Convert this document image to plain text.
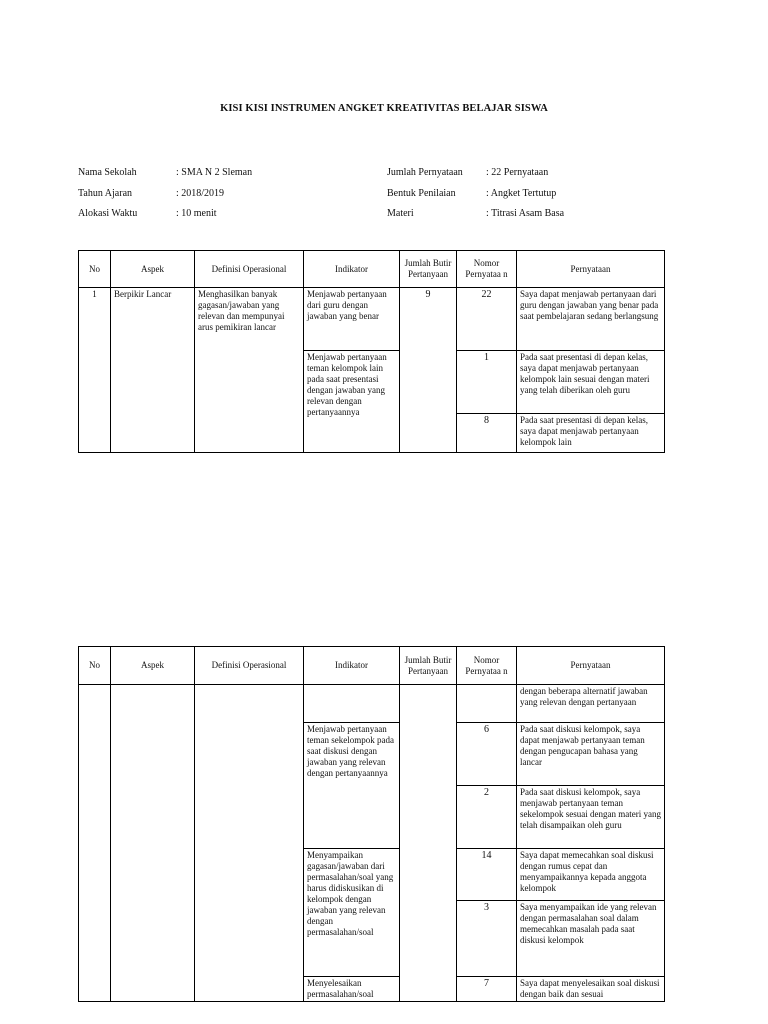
KISI KISI INSTRUMEN ANGKET KREATIVITAS BELAJAR SISWA
Nama Sekolah	: SMA N 2 Sleman
Tahun Ajaran	: 2018/2019
Alokasi Waktu	: 10 menit
Jumlah Pernyataan : 22 Pernyataan
Bentuk Penilaian	: Angket Tertutup
Materi	: Titrasi Asam Basa
No	Aspek	Definisi Operasional	Indikator	Jumlah Butir Pertanyaan	Nomor Pernyataa n	Pernyataan
1	Berpikir Lancar	Menghasilkan banyak gagasan/jawaban yang relevan dan mempunyai arus pemikiran lancar	Menjawab pertanyaan dari guru dengan jawaban yang benar	9	22	Saya dapat menjawab pertanyaan dari guru dengan jawaban yang benar pada saat pembelajaran sedang berlangsung
			Menjawab pertanyaan teman kelompok lain pada saat presentasi dengan jawaban yang relevan dengan pertanyaannya		1	Pada saat presentasi di depan kelas, saya dapat menjawab pertanyaan kelompok lain sesuai dengan materi yang telah diberikan oleh guru
					8	Pada saat presentasi di depan kelas, saya dapat menjawab pertanyaan kelompok lain
No	Aspek	Definisi Operasional	Indikator	Jumlah Butir Pertanyaan	Nomor Pernyataa n	Pernyataan
						dengan beberapa alternatif jawaban yang relevan dengan pertanyaan
			Menjawab pertanyaan teman sekelompok pada saat diskusi dengan jawaban yang relevan dengan pertanyaannya		6	Pada saat diskusi kelompok, saya dapat menjawab pertanyaan teman dengan pengucapan bahasa yang lancar
					2	Pada saat diskusi kelompok, saya menjawab pertanyaan teman sekelompok sesuai dengan materi yang telah disampaikan oleh guru
			Menyampaikan gagasan/jawaban dari permasalahan/soal yang harus didiskusikan di kelompok dengan jawaban yang relevan dengan permasalahan/soal		14	Saya dapat memecahkan soal diskusi dengan rumus cepat dan menyampaikannya kepada anggota kelompok
					3	Saya menyampaikan ide yang relevan dengan permasalahan soal dalam memecahkan masalah pada saat diskusi kelompok
			Menyelesaikan permasalahan/soal		7	Saya dapat menyelesaikan soal diskusi dengan baik dan sesuai
